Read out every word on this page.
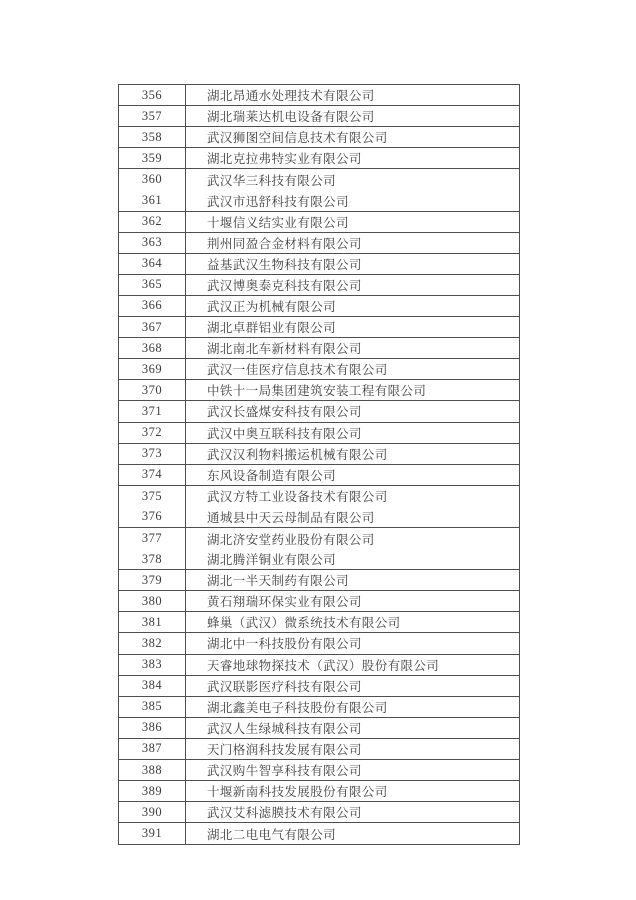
356	湖北昂通水处理技术有限公司
357	湖北瑞莱达机电设备有限公司
358	武汉狮图空间信息技术有限公司
359	湖北克拉弗特实业有限公司
360	武汉华三科技有限公司
361	武汉市迅舒科技有限公司
362	十堰信义结实业有限公司
363	荆州同盈合金材料有限公司
364	益基武汉生物科技有限公司
365	武汉博奥泰克科技有限公司
366	武汉正为机械有限公司
367	湖北卓群铝业有限公司
368	湖北南北车新材料有限公司
369	武汉一佳医疗信息技术有限公司
370	中铁十一局集团建筑安装工程有限公司
371	武汉长盛煤安科技有限公司
372	武汉中奥互联科技有限公司
373	武汉汉利物料搬运机械有限公司
374	东风设备制造有限公司
375	武汉方特工业设备技术有限公司
376	通城县中天云母制品有限公司
377	湖北济安堂药业股份有限公司
378	湖北腾洋铜业有限公司
379	湖北一半天制药有限公司
380	黄石翔瑞环保实业有限公司
381	蜂巢（武汉）微系统技术有限公司
382	湖北中一科技股份有限公司
383	天睿地球物探技术（武汉）股份有限公司
384	武汉联影医疗科技有限公司
385	湖北鑫美电子科技股份有限公司
386	武汉人生绿城科技有限公司
387	天门格润科技发展有限公司
388	武汉购牛智享科技有限公司
389	十堰新南科技发展股份有限公司
390	武汉艾科滤膜技术有限公司
391	湖北二电电气有限公司
